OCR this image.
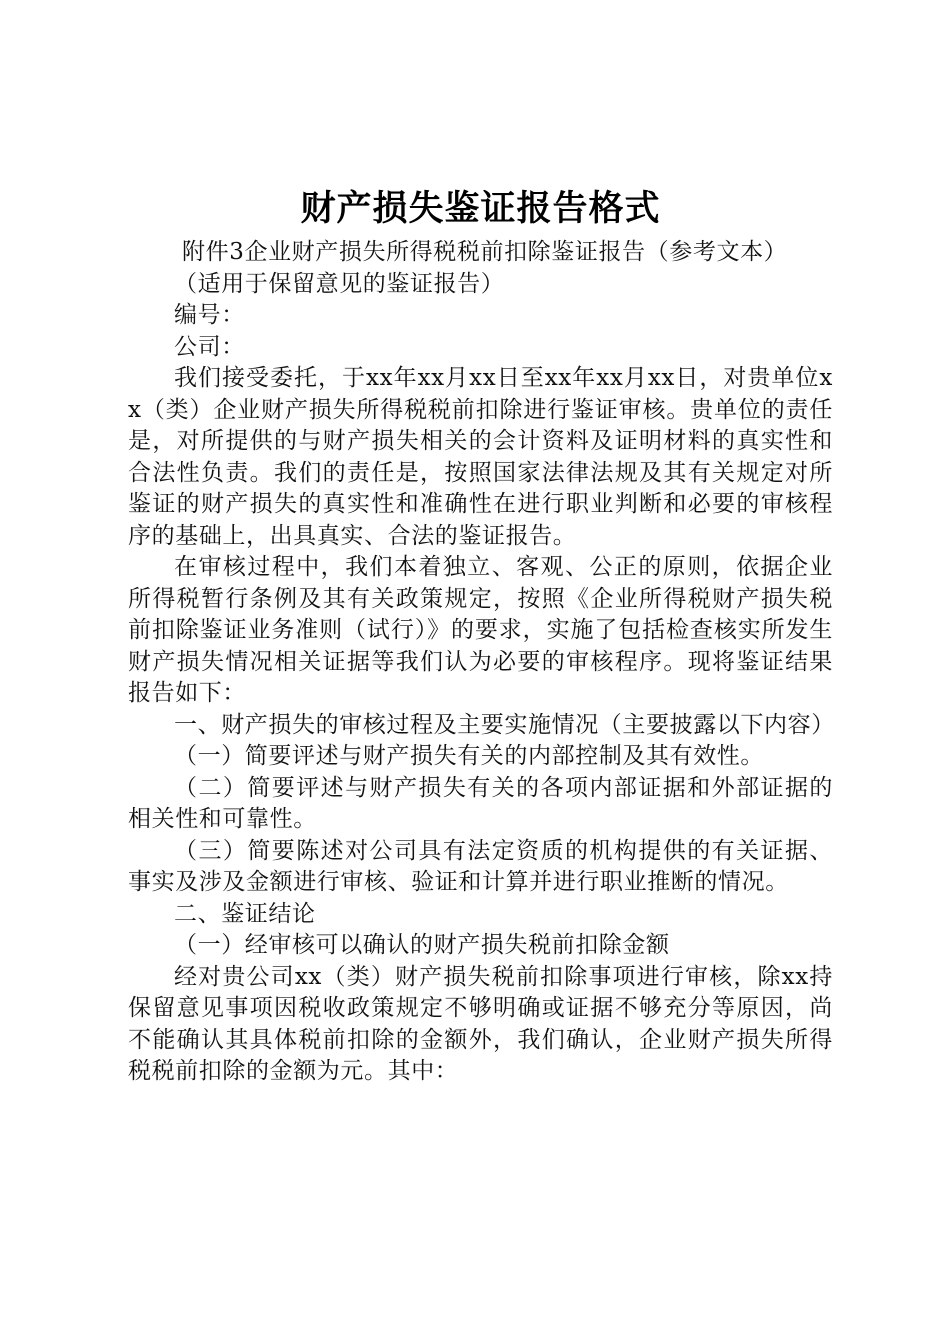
财产损失鉴证报告格式

附件3企业财产损失所得税税前扣除鉴证报告（参考文本）

（适用于保留意见的鉴证报告）

编号：

公司：

我们接受委托，于xx年xx月xx日至xx年xx月xx日，对贵单位xx（类）企业财产损失所得税税前扣除进行鉴证审核。贵单位的责任是，对所提供的与财产损失相关的会计资料及证明材料的真实性和合法性负责。我们的责任是，按照国家法律法规及其有关规定对所鉴证的财产损失的真实性和准确性在进行职业判断和必要的审核程序的基础上，出具真实、合法的鉴证报告。

在审核过程中，我们本着独立、客观、公正的原则，依据企业所得税暂行条例及其有关政策规定，按照《企业所得税财产损失税前扣除鉴证业务准则（试行）》的要求，实施了包括检查核实所发生财产损失情况相关证据等我们认为必要的审核程序。现将鉴证结果报告如下：

一、财产损失的审核过程及主要实施情况（主要披露以下内容）

（一）简要评述与财产损失有关的内部控制及其有效性。

（二）简要评述与财产损失有关的各项内部证据和外部证据的相关性和可靠性。

（三）简要陈述对公司具有法定资质的机构提供的有关证据、事实及涉及金额进行审核、验证和计算并进行职业推断的情况。

二、鉴证结论

（一）经审核可以确认的财产损失税前扣除金额

经对贵公司xx（类）财产损失税前扣除事项进行审核，除xx持保留意见事项因税收政策规定不够明确或证据不够充分等原因，尚不能确认其具体税前扣除的金额外，我们确认，企业财产损失所得税税前扣除的金额为元。其中：
